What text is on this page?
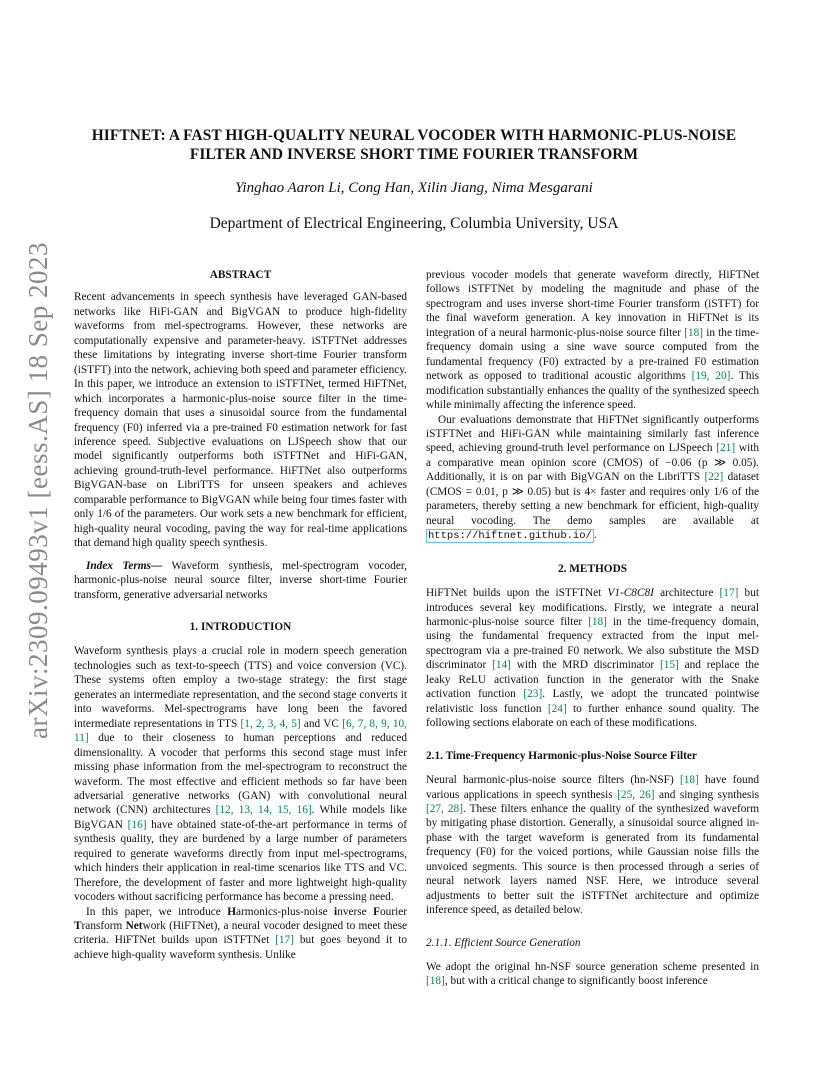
arXiv:2309.09493v1 [eess.AS] 18 Sep 2023
HIFTNET: A FAST HIGH-QUALITY NEURAL VOCODER WITH HARMONIC-PLUS-NOISE
FILTER AND INVERSE SHORT TIME FOURIER TRANSFORM
Yinghao Aaron Li, Cong Han, Xilin Jiang, Nima Mesgarani
Department of Electrical Engineering, Columbia University, USA

ABSTRACT

Recent advancements in speech synthesis have leveraged GAN-based networks like HiFi-GAN and BigVGAN to produce high-fidelity waveforms from mel-spectrograms. However, these networks are computationally expensive and parameter-heavy. iSTFTNet addresses these limitations by integrating inverse short-time Fourier transform (iSTFT) into the network, achieving both speed and parameter efficiency. In this paper, we introduce an extension to iSTFTNet, termed HiFTNet, which incorporates a harmonic-plus-noise source filter in the time-frequency domain that uses a sinusoidal source from the fundamental frequency (F0) inferred via a pre-trained F0 estimation network for fast inference speed. Subjective evaluations on LJSpeech show that our model significantly outperforms both iSTFTNet and HiFi-GAN, achieving ground-truth-level performance. HiFTNet also outperforms BigVGAN-base on LibriTTS for unseen speakers and achieves comparable performance to BigVGAN while being four times faster with only 1/6 of the parameters. Our work sets a new benchmark for efficient, high-quality neural vocoding, paving the way for real-time applications that demand high quality speech synthesis.

Index Terms— Waveform synthesis, mel-spectrogram vocoder, harmonic-plus-noise neural source filter, inverse short-time Fourier transform, generative adversarial networks

1. INTRODUCTION

Waveform synthesis plays a crucial role in modern speech generation technologies such as text-to-speech (TTS) and voice conversion (VC). These systems often employ a two-stage strategy: the first stage generates an intermediate representation, and the second stage converts it into waveforms. Mel-spectrograms have long been the favored intermediate representations in TTS [1, 2, 3, 4, 5] and VC [6, 7, 8, 9, 10, 11] due to their closeness to human perceptions and reduced dimensionality. A vocoder that performs this second stage must infer missing phase information from the mel-spectrogram to reconstruct the waveform. The most effective and efficient methods so far have been adversarial generative networks (GAN) with convolutional neural network (CNN) architectures [12, 13, 14, 15, 16]. While models like BigVGAN [16] have obtained state-of-the-art performance in terms of synthesis quality, they are burdened by a large number of parameters required to generate waveforms directly from input mel-spectrograms, which hinders their application in real-time scenarios like TTS and VC. Therefore, the development of faster and more lightweight high-quality vocoders without sacrificing performance has become a pressing need.

In this paper, we introduce Harmonics-plus-noise inverse Fourier Transform Network (HiFTNet), a neural vocoder designed to meet these criteria. HiFTNet builds upon iSTFTNet [17] but goes beyond it to achieve high-quality waveform synthesis. Unlike

previous vocoder models that generate waveform directly, HiFTNet follows iSTFTNet by modeling the magnitude and phase of the spectrogram and uses inverse short-time Fourier transform (iSTFT) for the final waveform generation. A key innovation in HiFTNet is its integration of a neural harmonic-plus-noise source filter [18] in the time-frequency domain using a sine wave source computed from the fundamental frequency (F0) extracted by a pre-trained F0 estimation network as opposed to traditional acoustic algorithms [19, 20]. This modification substantially enhances the quality of the synthesized speech while minimally affecting the inference speed.

Our evaluations demonstrate that HiFTNet significantly outperforms iSTFTNet and HiFi-GAN while maintaining similarly fast inference speed, achieving ground-truth level performance on LJSpeech [21] with a comparative mean opinion score (CMOS) of −0.06 (p ≫ 0.05). Additionally, it is on par with BigVGAN on the LibriTTS [22] dataset (CMOS = 0.01, p ≫ 0.05) but is 4× faster and requires only 1/6 of the parameters, thereby setting a new benchmark for efficient, high-quality neural vocoding. The demo samples are available at https://hiftnet.github.io/ .

2. METHODS

HiFTNet builds upon the iSTFTNet V1-C8C8I architecture [17] but introduces several key modifications. Firstly, we integrate a neural harmonic-plus-noise source filter [18] in the time-frequency domain, using the fundamental frequency extracted from the input mel-spectrogram via a pre-trained F0 network. We also substitute the MSD discriminator [14] with the MRD discriminator [15] and replace the leaky ReLU activation function in the generator with the Snake activation function [23]. Lastly, we adopt the truncated pointwise relativistic loss function [24] to further enhance sound quality. The following sections elaborate on each of these modifications.

2.1. Time-Frequency Harmonic-plus-Noise Source Filter

Neural harmonic-plus-noise source filters (hn-NSF) [18] have found various applications in speech synthesis [25, 26] and singing synthesis [27, 28]. These filters enhance the quality of the synthesized waveform by mitigating phase distortion. Generally, a sinusoidal source aligned in-phase with the target waveform is generated from its fundamental frequency (F0) for the voiced portions, while Gaussian noise fills the unvoiced segments. This source is then processed through a series of neural network layers named NSF. Here, we introduce several adjustments to better suit the iSTFTNet architecture and optimize inference speed, as detailed below.

2.1.1. Efficient Source Generation

We adopt the original hn-NSF source generation scheme presented in [18], but with a critical change to significantly boost inference
